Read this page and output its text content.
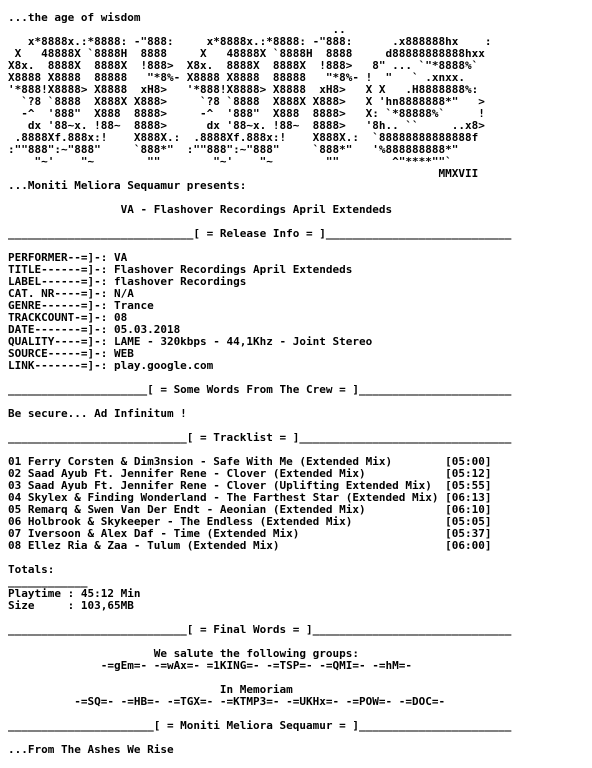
...the age of wisdom
..
x*8888x.:*8888: -"888:     x*8888x.:*8888: -"888:      .x888888hx    :
X   48888X `8888H  8888     X   48888X `8888H  8888     d88888888888hxx
X8x.  8888X  8888X  !888>  X8x.  8888X  8888X  !888>   8" ... `"*8888%`
X8888 X8888  88888   "*8%- X8888 X8888  88888   "*8%- !  "   ` .xnxx.
'*888!X8888> X8888  xH8>   '*888!X8888> X8888  xH8>   X X   .H8888888%:
`?8 `8888  X888X X888>     `?8 `8888  X888X X888>   X 'hn8888888*"   >
-^  '888"  X888  8888>     -^  '888"  X888  8888>   X: `*88888%`     !
dx '88~x. !88~  8888>      dx '88~x. !88~  8888>   '8h.. ``     ..x8>
.8888Xf.888x:!    X888X.:  .8888Xf.888x:!    X888X.:  `88888888888888f
:""888":~"888"     `888*"  :""888":~"888"     `888*"   '%888888888*"
"~'    "~        ""        "~'    "~        ""        ^"****""`
MMXVII
...Moniti Meliora Sequamur presents:
VA - Flashover Recordings April Extendeds
____________________________[ = Release Info = ]____________________________
PERFORMER--=]-: VA
TITLE------=]-: Flashover Recordings April Extendeds
LABEL------=]-: flashover Recordings
CAT. NR----=]-: N/A
GENRE------=]-: Trance
TRACKCOUNT-=]-: 08
DATE-------=]-: 05.03.2018
QUALITY----=]-: LAME - 320kbps - 44,1Khz - Joint Stereo
SOURCE-----=]-: WEB
LINK-------=]-: play.google.com
_____________________[ = Some Words From The Crew = ]_______________________
Be secure... Ad Infinitum !
___________________________[ = Tracklist = ]________________________________
01 Ferry Corsten & Dim3nsion - Safe With Me (Extended Mix)        [05:00]
02 Saad Ayub Ft. Jennifer Rene - Clover (Extended Mix)            [05:12]
03 Saad Ayub Ft. Jennifer Rene - Clover (Uplifting Extended Mix)  [05:55]
04 Skylex & Finding Wonderland - The Farthest Star (Extended Mix) [06:13]
05 Remarq & Swen Van Der Endt - Aeonian (Extended Mix)            [06:10]
06 Holbrook & Skykeeper - The Endless (Extended Mix)              [05:05]
07 Iversoon & Alex Daf - Time (Extended Mix)                      [05:37]
08 Ellez Ria & Zaa - Tulum (Extended Mix)                         [06:00]
Totals:
____________
Playtime : 45:12 Min
Size     : 103,65MB
___________________________[ = Final Words = ]______________________________
We salute the following groups:
-=gEm=- -=wAx=- =1KING=- -=TSP=- -=QMI=- -=hM=-
In Memoriam
-=SQ=- -=HB=- -=TGX=- -=KTMP3=- -=UKHx=- -=POW=- -=DOC=-
______________________[ = Moniti Meliora Sequamur = ]_______________________
...From The Ashes We Rise
